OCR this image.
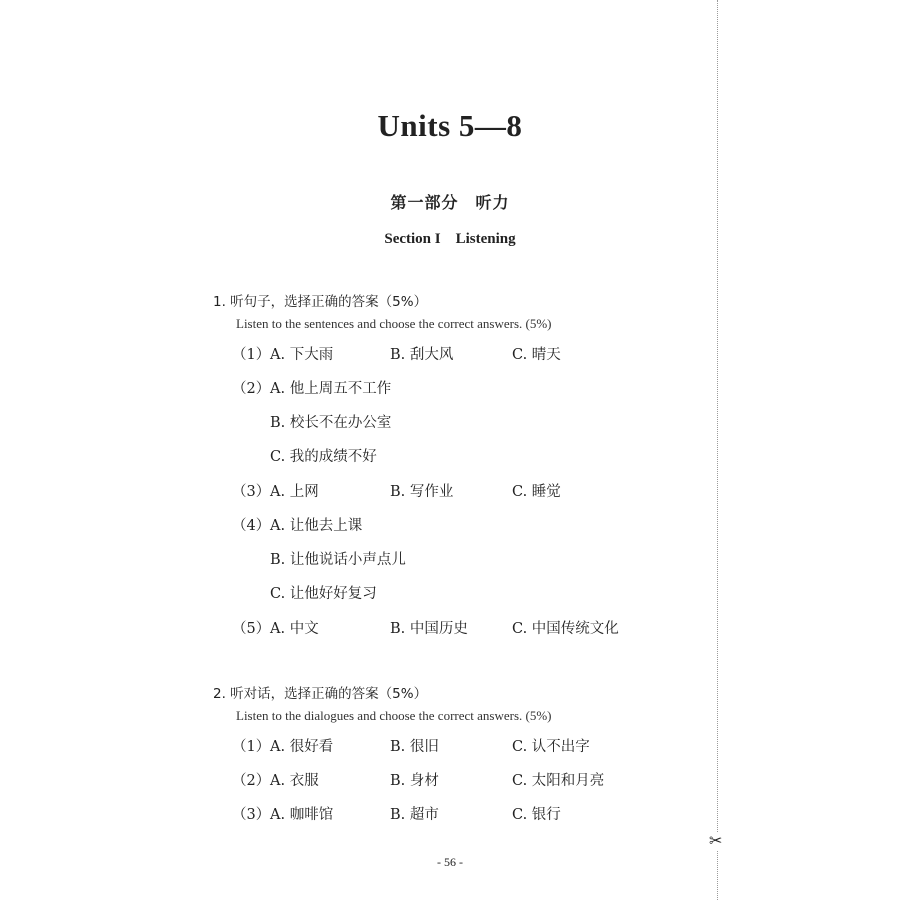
Units 5—8
第一部分　听力
Section I　Listening
1. 听句子，选择正确的答案（5%）
Listen to the sentences and choose the correct answers. (5%)
（1） A. 下大雨	B. 刮大风	C. 晴天
（2） A. 他上周五不工作
B. 校长不在办公室
C. 我的成绩不好
（3） A. 上网	B. 写作业	C. 睡觉
（4） A. 让他去上课
B. 让他说话小声点儿
C. 让他好好复习
（5） A. 中文	B. 中国历史	C. 中国传统文化
2. 听对话，选择正确的答案（5%）
Listen to the dialogues and choose the correct answers. (5%)
（1） A. 很好看	B. 很旧	C. 认不出字
（2） A. 衣服	B. 身材	C. 太阳和月亮
（3） A. 咖啡馆	B. 超市	C. 银行
- 56 -
✂
